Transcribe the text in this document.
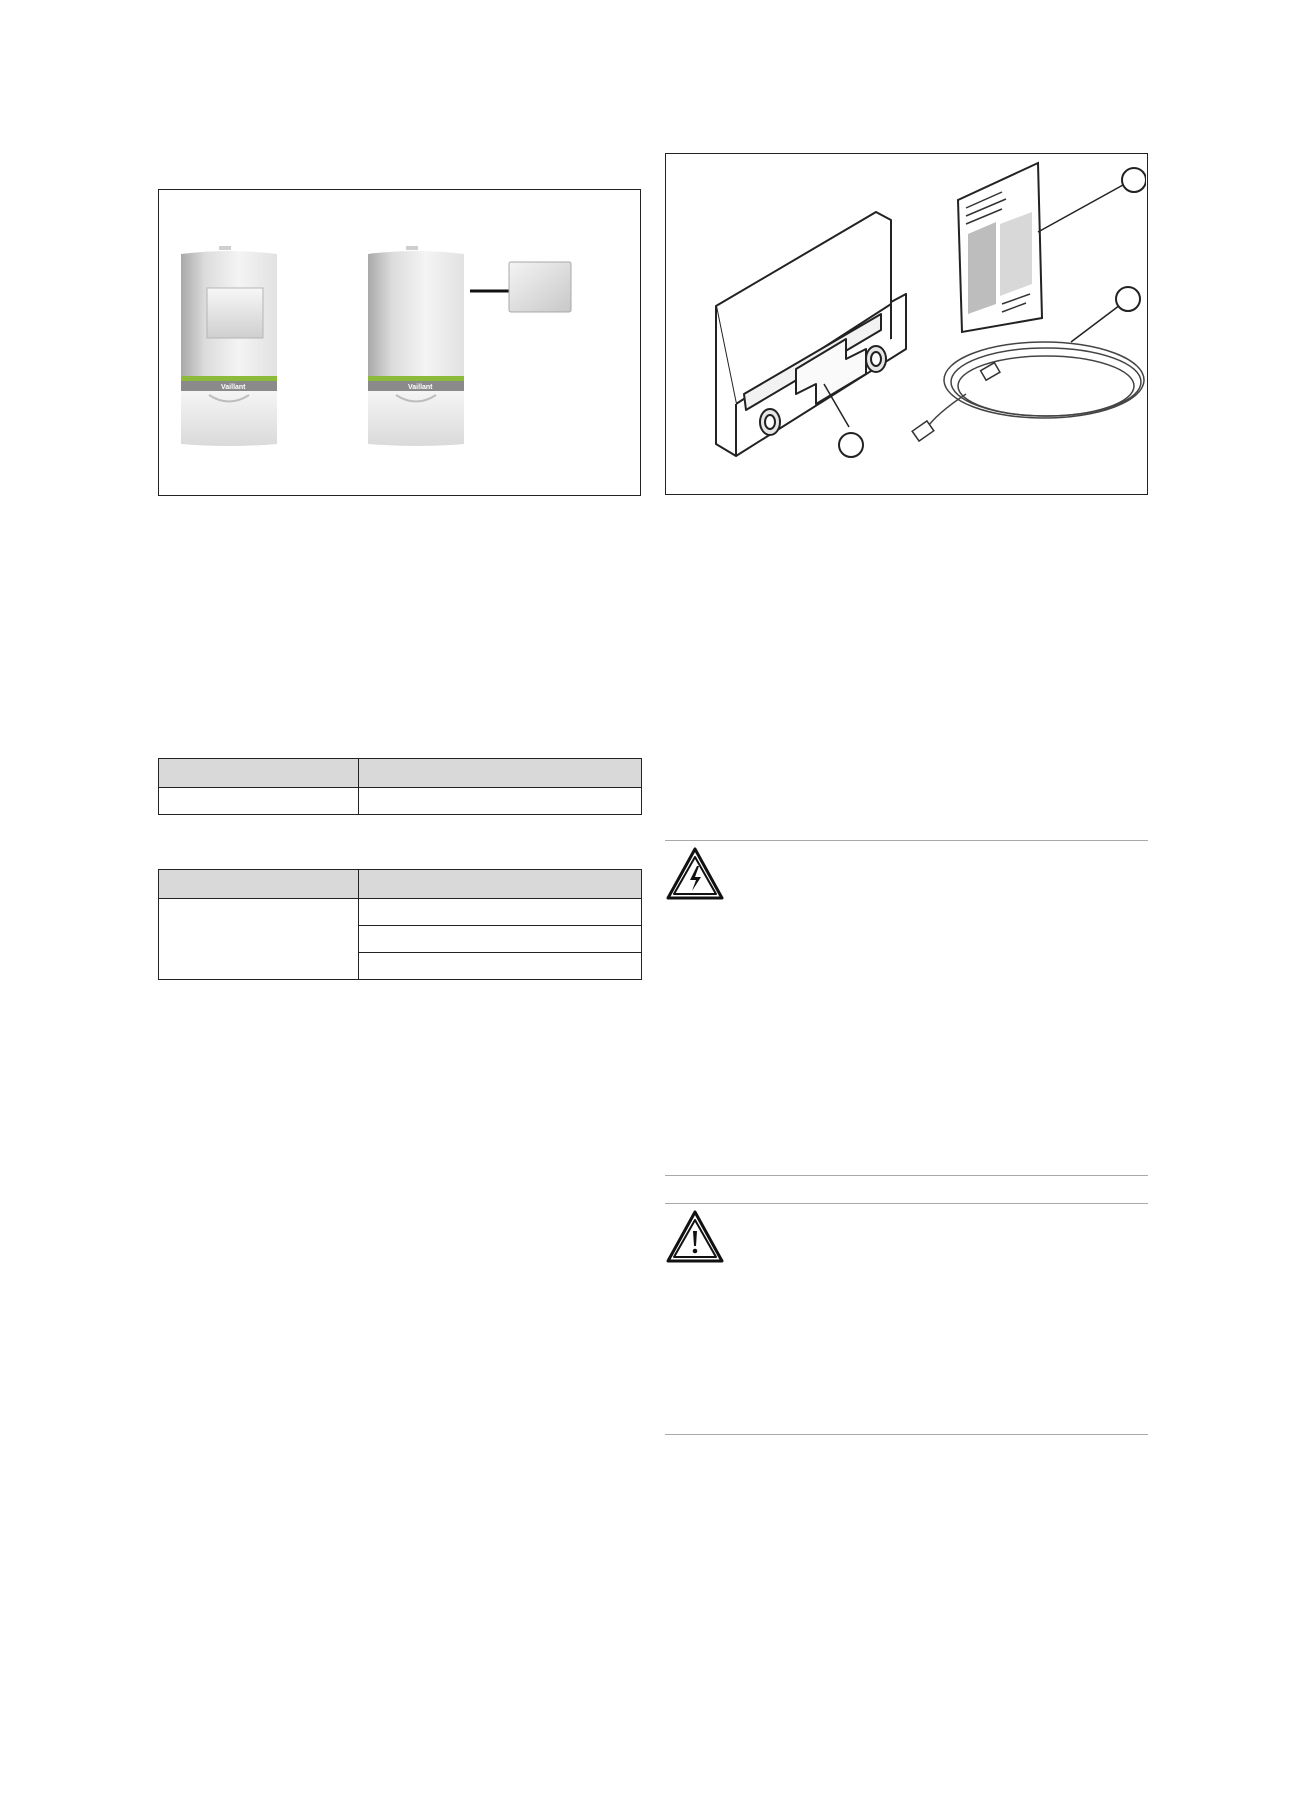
Vaillant	Vaillant
